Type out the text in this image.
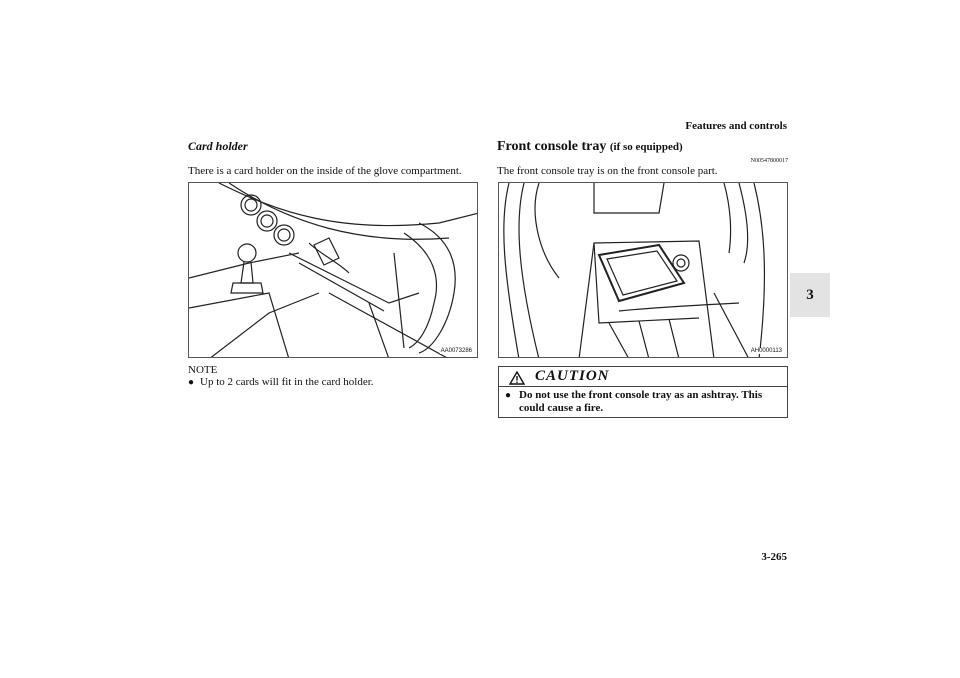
Features and controls
3
Card holder
There is a card holder on the inside of the glove compartment.
AA0073286
NOTE
● Up to 2 cards will fit in the card holder.
Front console tray (if so equipped)
N00547800017
The front console tray is on the front console part.
AH0000113
CAUTION
● Do not use the front console tray as an ashtray. This could cause a fire.
3-265
